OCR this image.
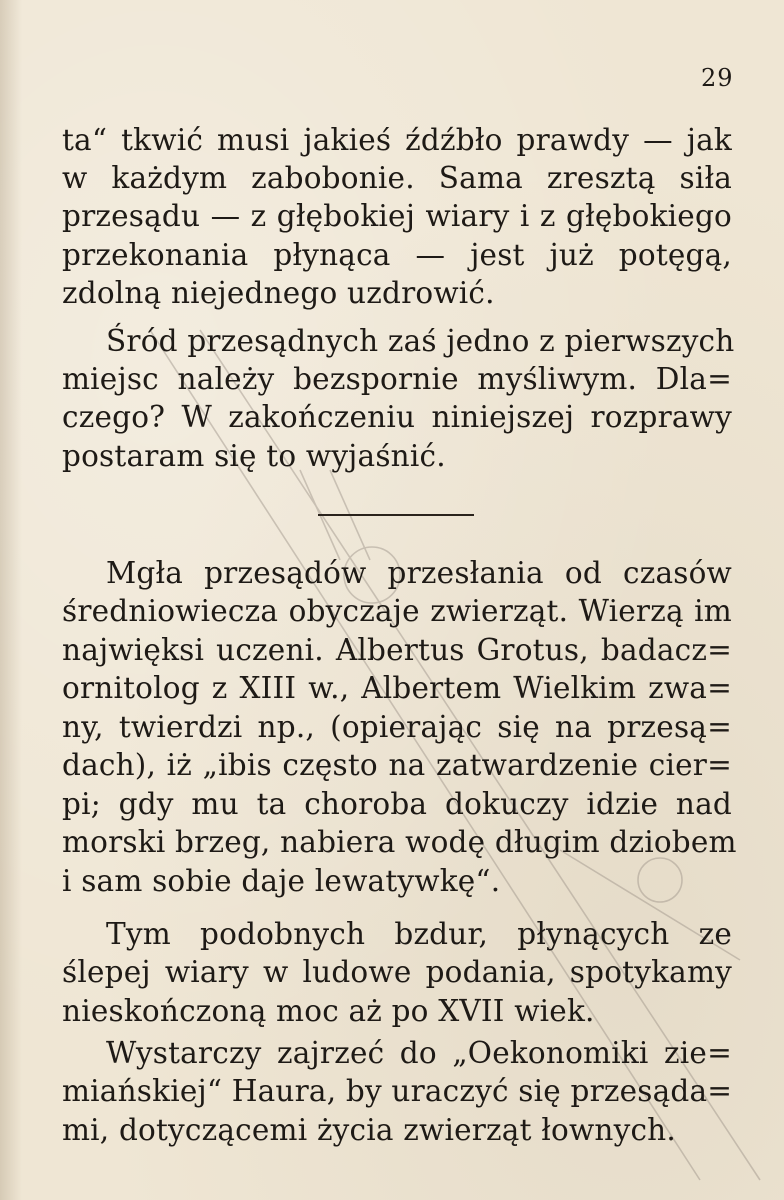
29
ta“ tkwić musi jakieś źdźbło prawdy — jak
w każdym zabobonie. Sama zresztą siła
przesądu — z głębokiej wiary i z głębokiego
przekonania płynąca — jest już potęgą,
zdolną niejednego uzdrowić.
Śród przesądnych zaś jedno z pierwszych
miejsc należy bezspornie myśliwym. Dla=
czego? W zakończeniu niniejszej rozprawy
postaram się to wyjaśnić.
Mgła przesądów przesłania od czasów
średniowiecza obyczaje zwierząt. Wierzą im
najwięksi uczeni. Albertus Grotus, badacz=
ornitolog z XIII w., Albertem Wielkim zwa=
ny, twierdzi np., (opierając się na przesą=
dach), iż „ibis często na zatwardzenie cier=
pi; gdy mu ta choroba dokuczy idzie nad
morski brzeg, nabiera wodę długim dziobem
i sam sobie daje lewatywkę“.
Tym podobnych bzdur, płynących ze
ślepej wiary w ludowe podania, spotykamy
nieskończoną moc aż po XVII wiek.
Wystarczy zajrzeć do „Oekonomiki zie=
miańskiej“ Haura, by uraczyć się przesąda=
mi, dotyczącemi życia zwierząt łownych.
